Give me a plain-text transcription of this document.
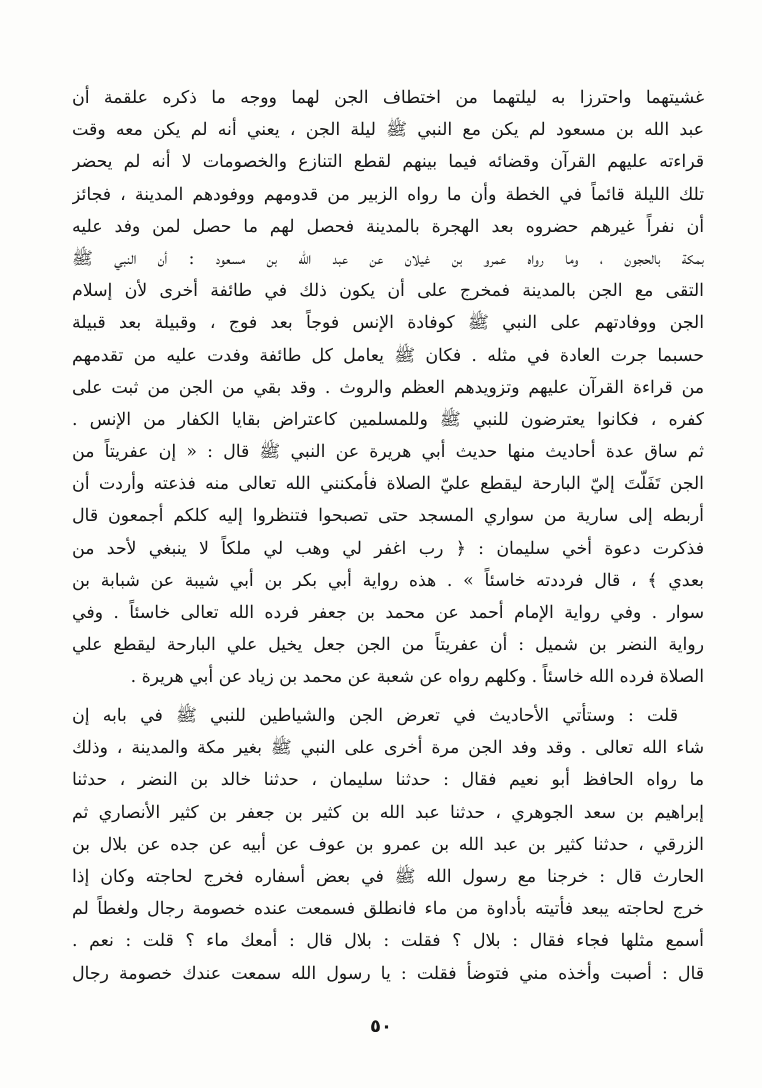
غشيتهما واحترزا به ليلتهما من اختطاف الجن لهما ووجه ما ذكره علقمة أن
عبد الله بن مسعود لم يكن مع النبي ﷺ ليلة الجن ، يعني أنه لم يكن معه وقت
قراءته عليهم القرآن وقضائه فيما بينهم لقطع التنازع والخصومات لا أنه لم يحضر
تلك الليلة قائماً في الخطة وأن ما رواه الزبير من قدومهم ووفودهم المدينة ، فجائز
أن نفراً غيرهم حضروه بعد الهجرة بالمدينة فحصل لهم ما حصل لمن وفد عليه
بمكة بالحجون ، وما رواه عمرو بن غيلان عن عبد الله بن مسعود : أن النبي ﷺ
التقى مع الجن بالمدينة فمخرج على أن يكون ذلك في طائفة أخرى لأن إسلام
الجن ووفادتهم على النبي ﷺ كوفادة الإنس فوجاً بعد فوج ، وقبيلة بعد قبيلة
حسبما جرت العادة في مثله . فكان ﷺ يعامل كل طائفة وفدت عليه من تقدمهم
من قراءة القرآن عليهم وتزويدهم العظم والروث . وقد بقي من الجن من ثبت على
كفره ، فكانوا يعترضون للنبي ﷺ وللمسلمين كاعتراض بقايا الكفار من الإنس .
ثم ساق عدة أحاديث منها حديث أبي هريرة عن النبي ﷺ قال : « إن عفريتاً من
الجن تَفَلّتَ إليّ البارحة ليقطع عليّ الصلاة فأمكنني الله تعالى منه فذعته وأردت أن
أربطه إلى سارية من سواري المسجد حتى تصبحوا فتنظروا إليه كلكم أجمعون قال
فذكرت دعوة أخي سليمان : ﴿ رب اغفر لي وهب لي ملكاً لا ينبغي لأحد من
بعدي ﴾ ، قال فرددته خاسئاً » . هذه رواية أبي بكر بن أبي شيبة عن شبابة بن
سوار . وفي رواية الإمام أحمد عن محمد بن جعفر فرده الله تعالى خاسئاً . وفي
رواية النضر بن شميل : أن عفريتاً من الجن جعل يخيل علي البارحة ليقطع علي
الصلاة فرده الله خاسئاً . وكلهم رواه عن شعبة عن محمد بن زياد عن أبي هريرة .
قلت : وستأتي الأحاديث في تعرض الجن والشياطين للنبي ﷺ في بابه إن
شاء الله تعالى . وقد وفد الجن مرة أخرى على النبي ﷺ بغير مكة والمدينة ، وذلك
ما رواه الحافظ أبو نعيم فقال : حدثنا سليمان ، حدثنا خالد بن النضر ، حدثنا
إبراهيم بن سعد الجوهري ، حدثنا عبد الله بن كثير بن جعفر بن كثير الأنصاري ثم
الزرقي ، حدثنا كثير بن عبد الله بن عمرو بن عوف عن أبيه عن جده عن بلال بن
الحارث قال : خرجنا مع رسول الله ﷺ في بعض أسفاره فخرج لحاجته وكان إذا
خرج لحاجته يبعد فأتيته بأداوة من ماء فانطلق فسمعت عنده خصومة رجال ولغطاً لم
أسمع مثلها فجاء فقال : بلال ؟ فقلت : بلال قال : أمعك ماء ؟ قلت : نعم .
قال : أصبت وأخذه مني فتوضأ فقلت : يا رسول الله سمعت عندك خصومة رجال
٥٠
